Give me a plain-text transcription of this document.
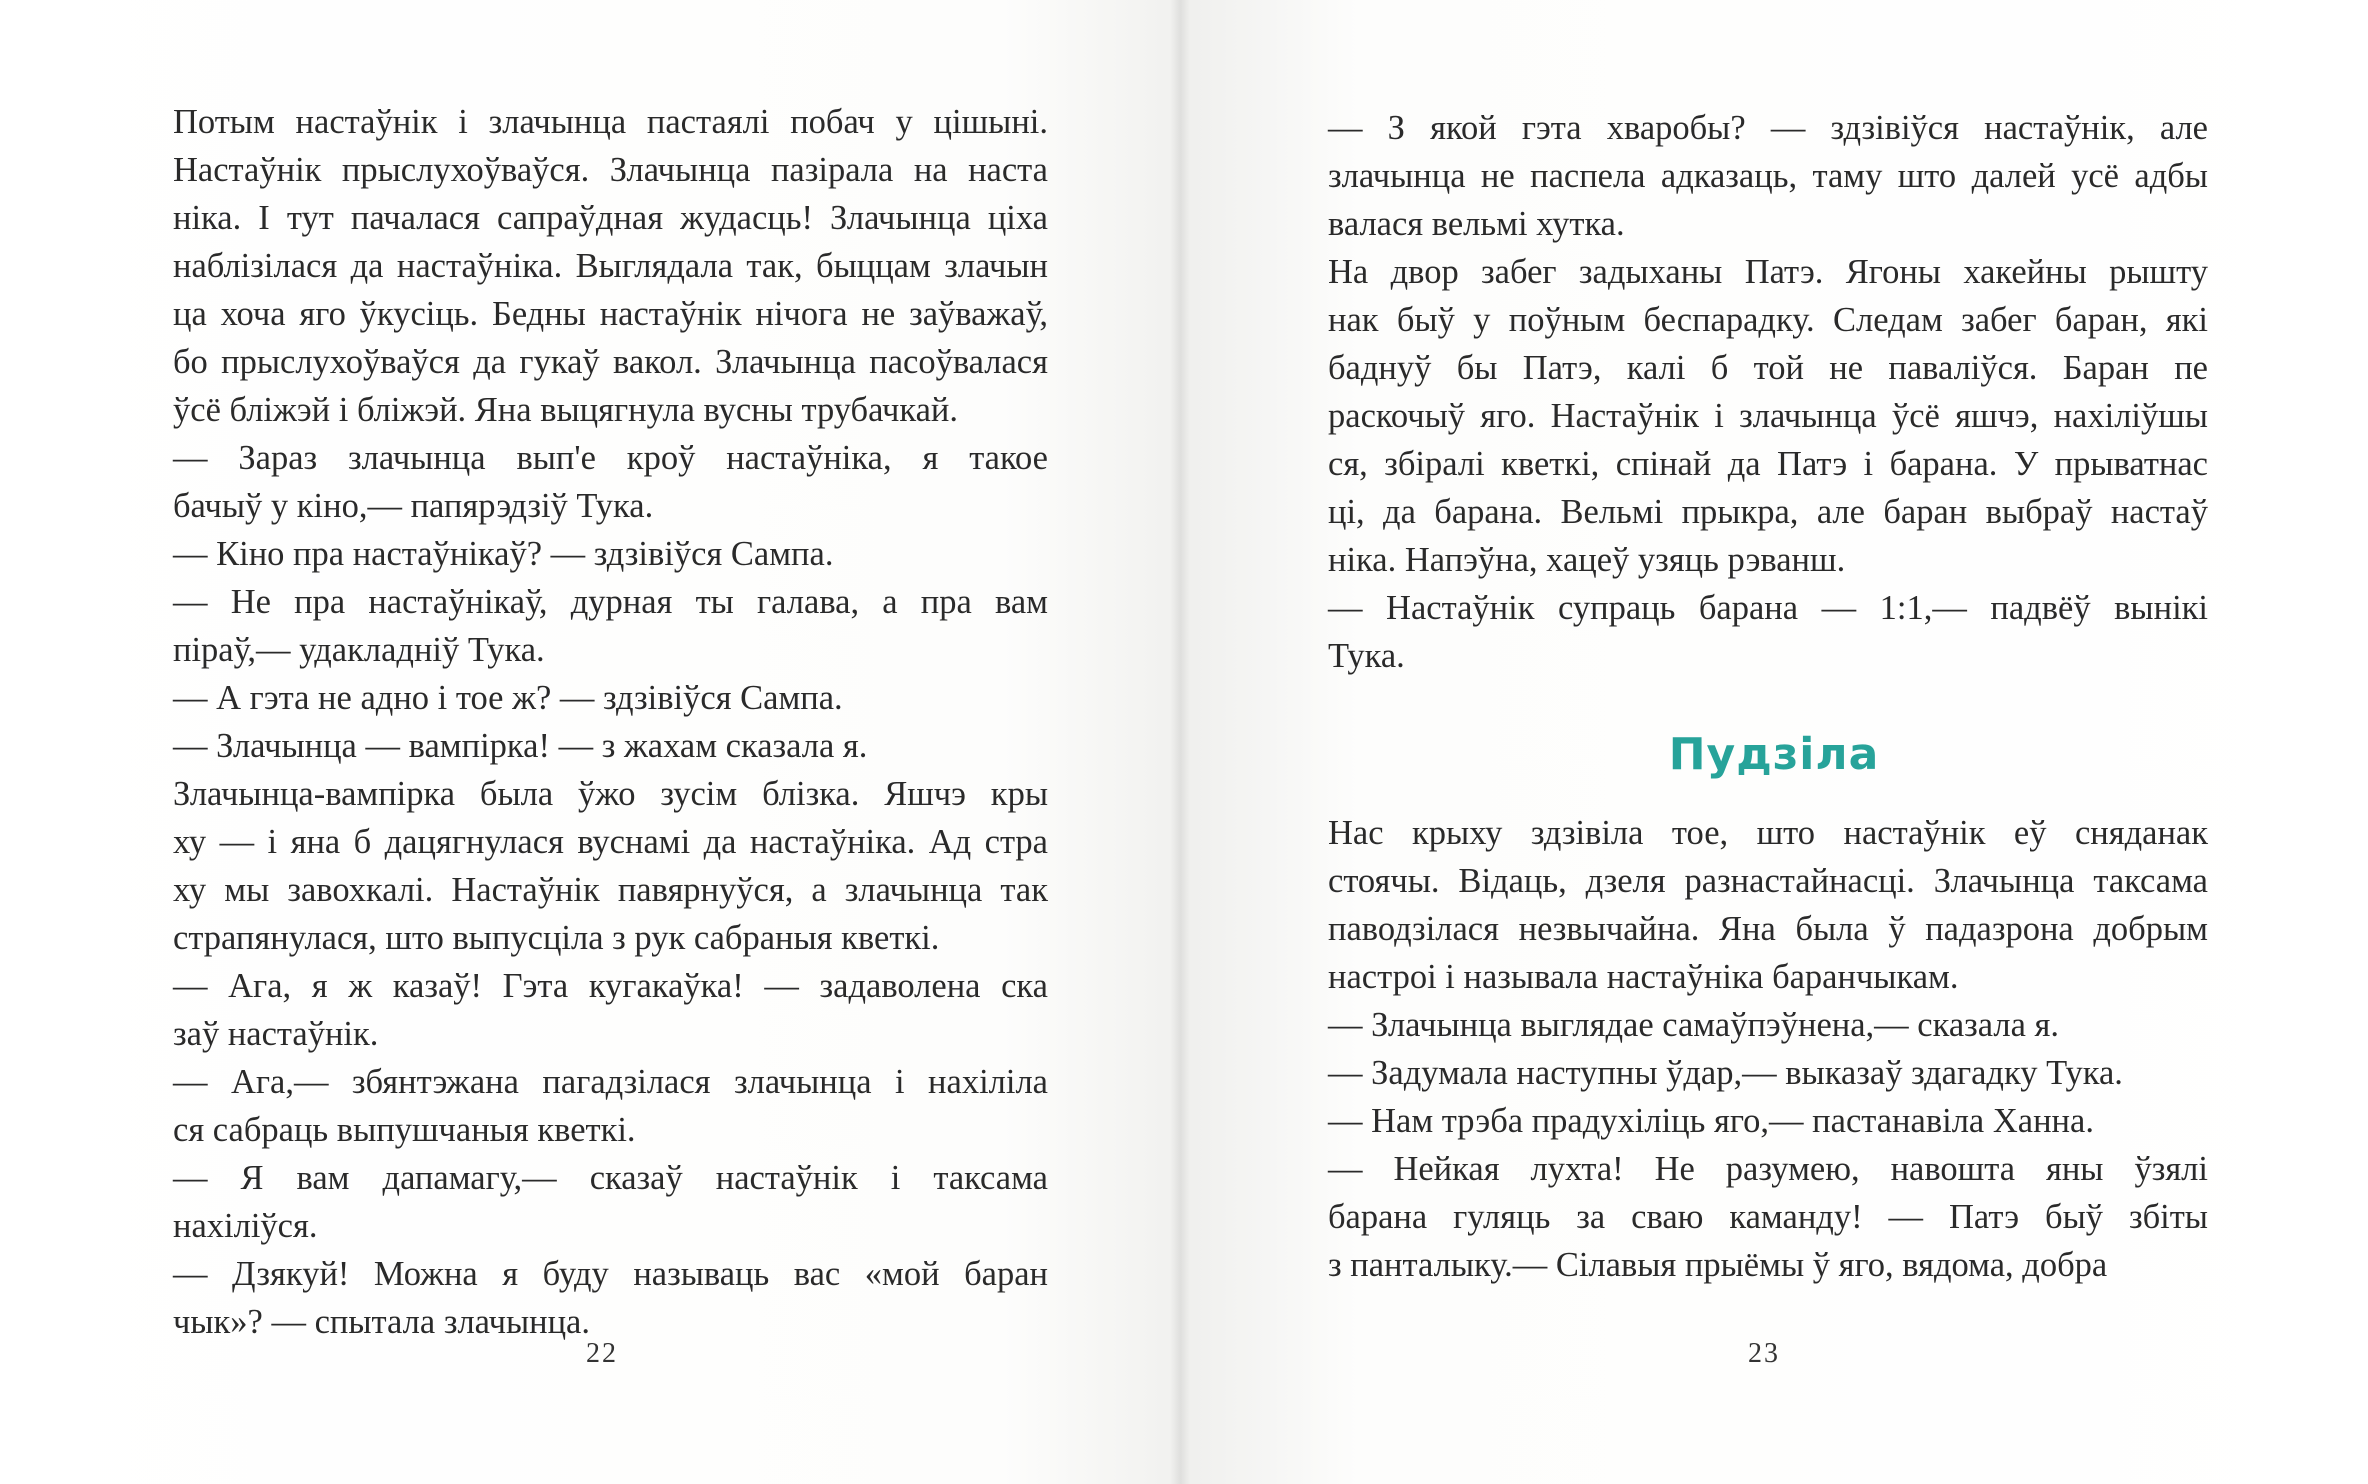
Потым настаўнік і злачынца пастаялі побач у цішыні.
Настаўнік прыслухоўваўся. Злачынца пазірала на наста
ніка. І тут пачалася сапраўдная жудасць! Злачынца ціха
наблізілася да настаўніка. Выглядала так, быццам злачын
ца хоча яго ўкусіць. Бедны настаўнік нічога не заўважаў,
бо прыслухоўваўся да гукаў вакол. Злачынца пасоўвалася
ўсё бліжэй і бліжэй. Яна выцягнула вусны трубачкай.
— Зараз злачынца вып'е кроў настаўніка, я такое
бачыў у кіно,— папярэдзіў Тука.
— Кіно пра настаўнікаў? — здзівіўся Сампа.
— Не пра настаўнікаў, дурная ты галава, а пра вам
піраў,— удакладніў Тука.
— А гэта не адно і тое ж? — здзівіўся Сампа.
— Злачынца — вампірка! — з жахам сказала я.
Злачынца-вампірка была ўжо зусім блізка. Яшчэ кры
ху — і яна б дацягнулася вуснамі да настаўніка. Ад стра
ху мы завохкалі. Настаўнік павярнуўся, а злачынца так
страпянулася, што выпусціла з рук сабраныя кветкі.
— Ага, я ж казаў! Гэта кугакаўка! — задаволена ска
заў настаўнік.
— Ага,— збянтэжана пагадзілася злачынца і нахіліла
ся сабраць выпушчаныя кветкі.
— Я вам дапамагу,— сказаў настаўнік і таксама
нахіліўся.
— Дзякуй! Можна я буду называць вас «мой баран
чык»? — спытала злачынца.
22
— З якой гэта хваробы? — здзівіўся настаўнік, але
злачынца не паспела адказаць, таму што далей усё адбы
валася вельмі хутка.
На двор забег задыханы Патэ. Ягоны хакейны рышту
нак быў у поўным беспарадку. Следам забег баран, які
баднуў бы Патэ, калі б той не паваліўся. Баран пе
раскочыў яго. Настаўнік і злачынца ўсё яшчэ, нахіліўшы
ся, збіралі кветкі, спінай да Патэ і барана. У прыватнас
ці, да барана. Вельмі прыкра, але баран выбраў настаў
ніка. Напэўна, хацеў узяць рэванш.
— Настаўнік супраць барана — 1:1,— падвёў вынікі
Тука.
Пудзіла
Нас крыху здзівіла тое, што настаўнік еў сняданак
стоячы. Відаць, дзеля разнастайнасці. Злачынца таксама
паводзілася незвычайна. Яна была ў падазрона добрым
настроі і называла настаўніка баранчыкам.
— Злачынца выглядае самаўпэўнена,— сказала я.
— Задумала наступны ўдар,— выказаў здагадку Тука.
— Нам трэба прадухіліць яго,— пастанавіла Ханна.
— Нейкая лухта! Не разумею, навошта яны ўзялі
барана гуляць за сваю каманду! — Патэ быў збіты
з панталыку.— Сілавыя прыёмы ў яго, вядома, добра
23
